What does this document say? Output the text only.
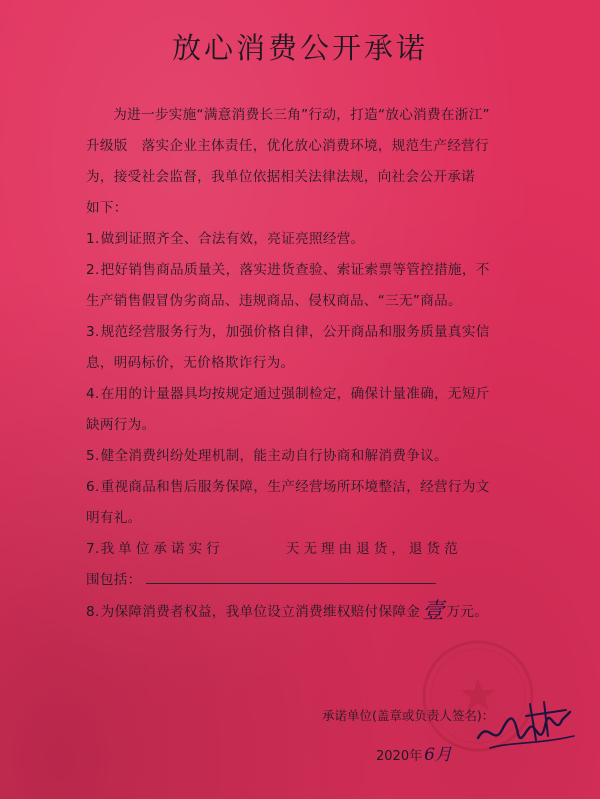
放心消费公开承诺

为进一步实施“满意消费长三角”行动，打造“放心消费在浙江”
升级版　落实企业主体责任，优化放心消费环境，规范生产经营行
为，接受社会监督，我单位依据相关法律法规，向社会公开承诺
如下：

1.做到证照齐全、合法有效，亮证亮照经营。

2.把好销售商品质量关，落实进货查验、索证索票等管控措施，不
生产销售假冒伪劣商品、违规商品、侵权商品、“三无”商品。

3.规范经营服务行为，加强价格自律，公开商品和服务质量真实信
息，明码标价，无价格欺诈行为。

4.在用的计量器具均按规定通过强制检定，确保计量准确，无短斤
缺两行为。

5.健全消费纠纷处理机制，能主动自行协商和解消费争议。

6.重视商品和售后服务保障，生产经营场所环境整洁，经营行为文
明有礼。

7.我单位承诺实行	天无理由退货，退货范
围包括：

8.为保障消费者权益，我单位设立消费维权赔付保障金壹 万元。

承诺单位(盖章或负责人签名)：
2020年 6月
